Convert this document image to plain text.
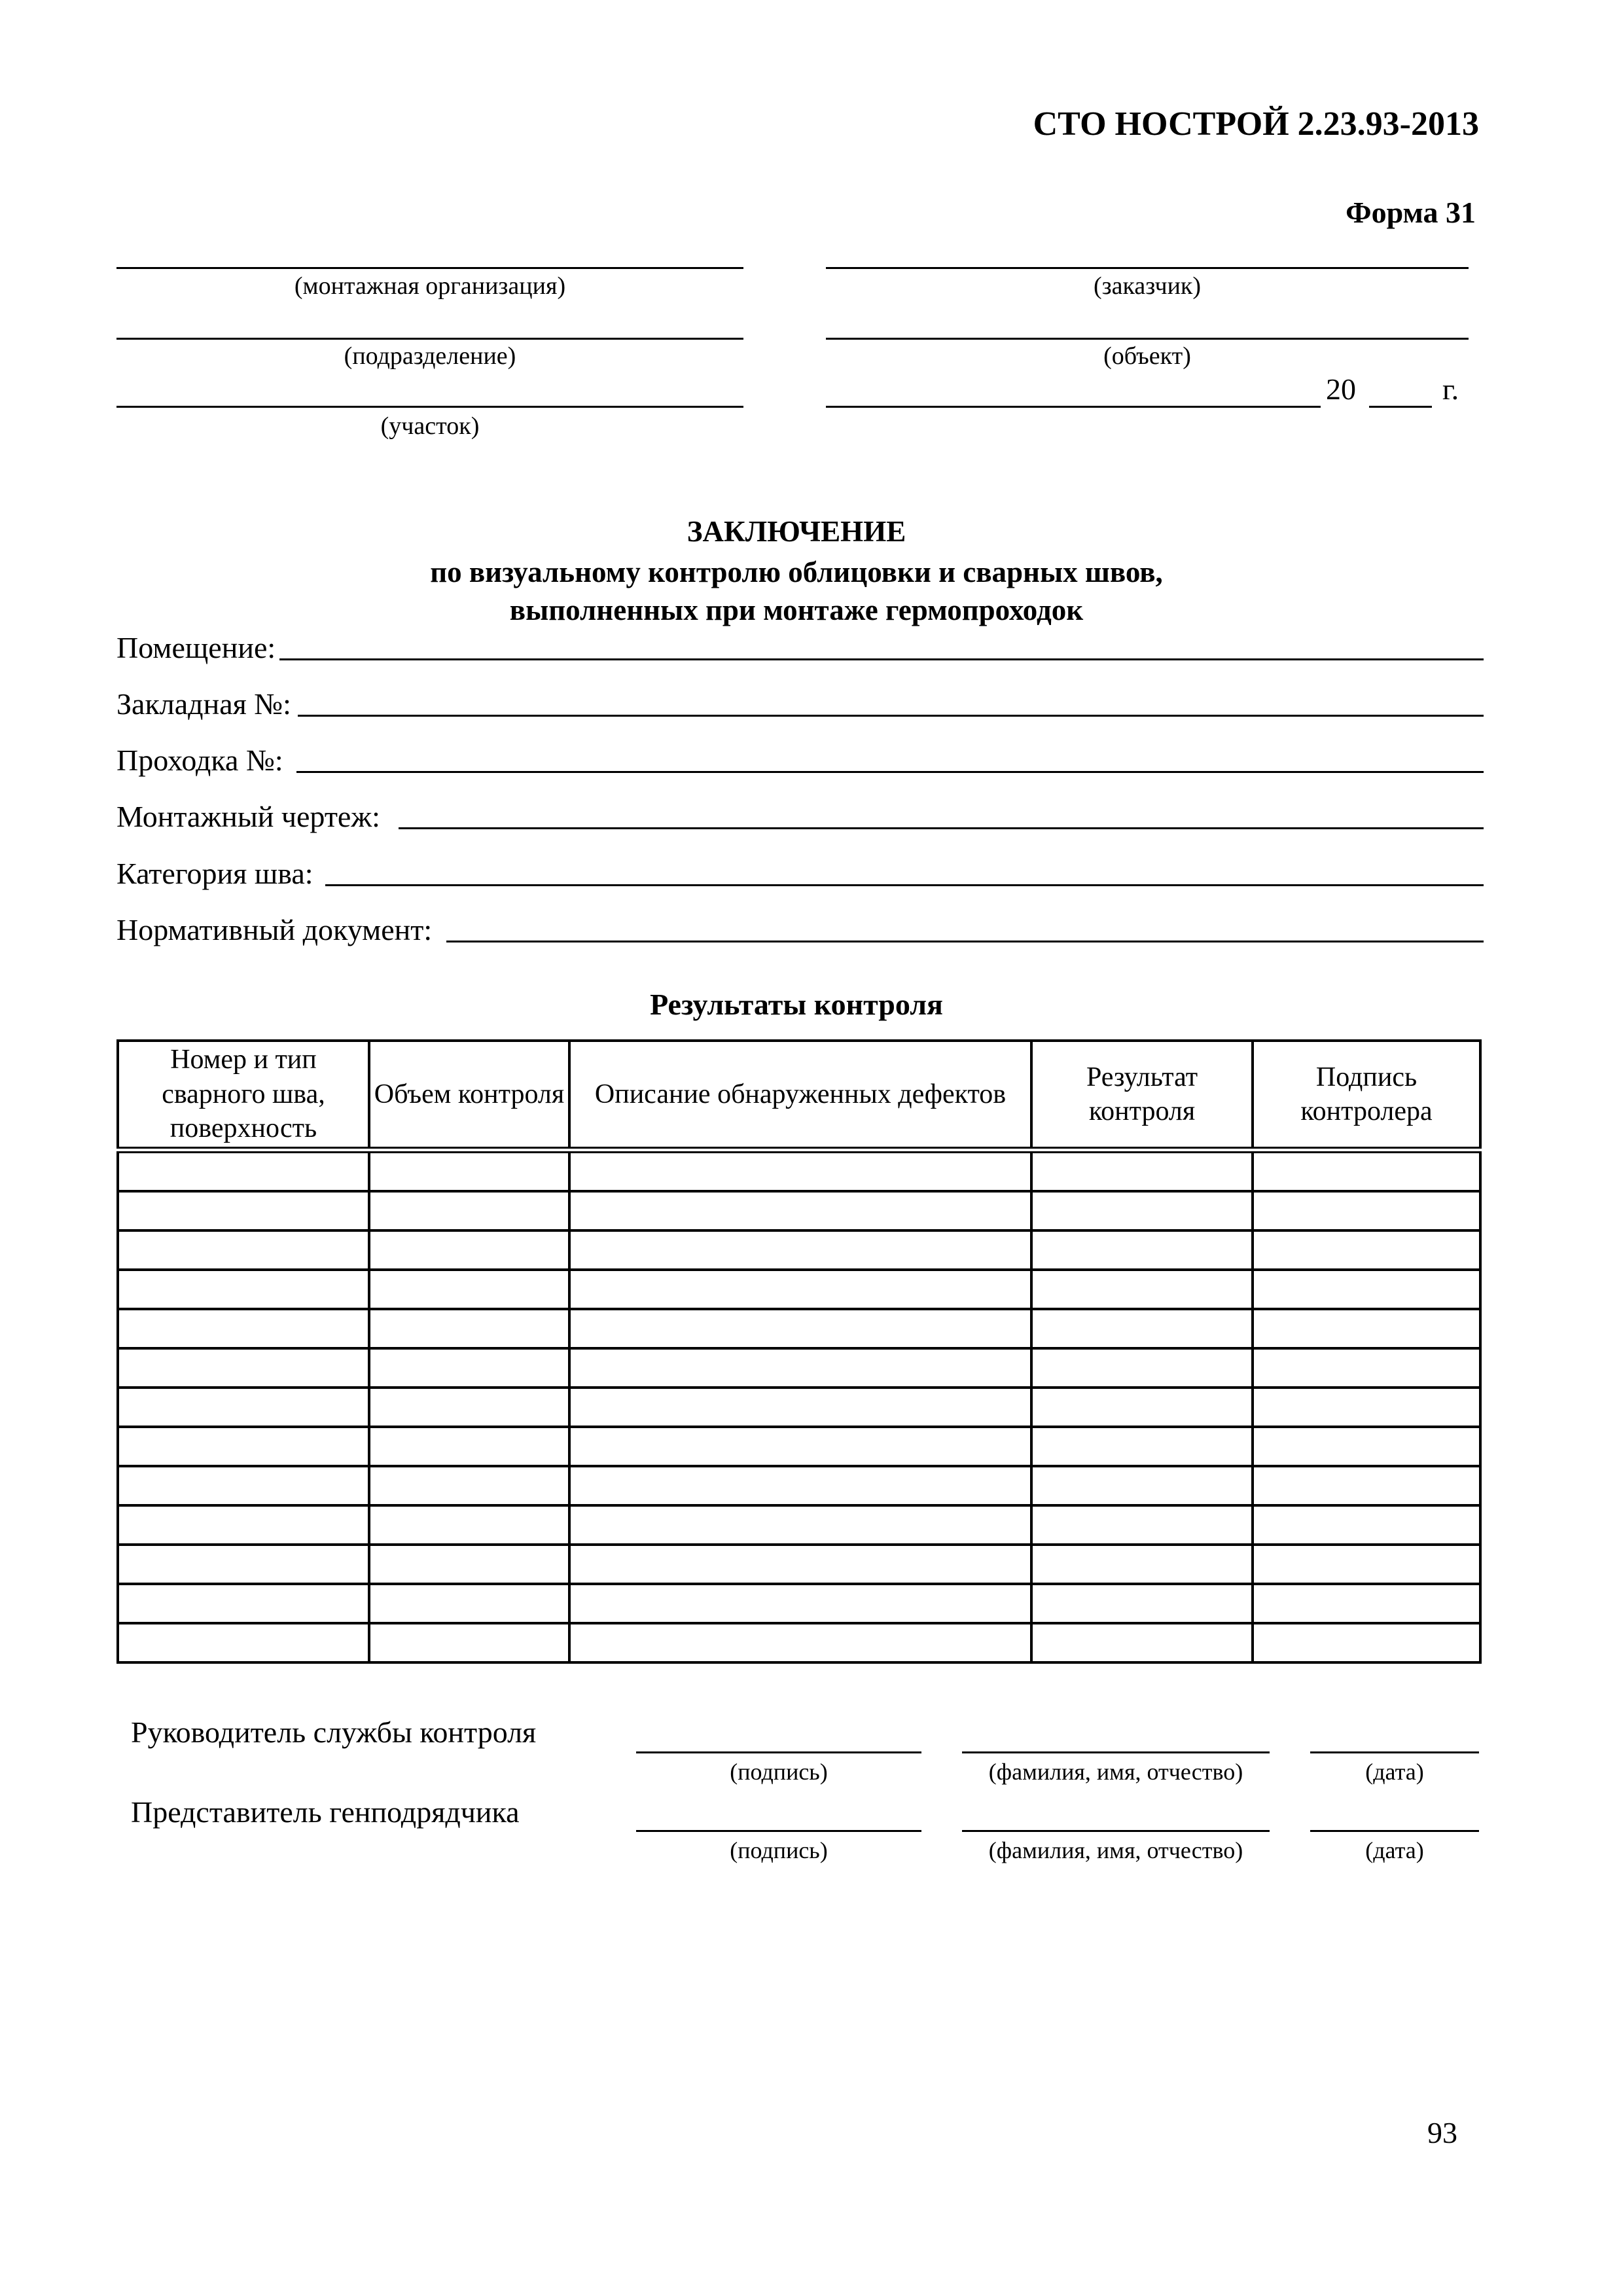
СТО НОСТРОЙ 2.23.93-2013
Форма 31
(монтажная организация)
(подразделение)
(участок)
(заказчик)
(объект)
20	г.
ЗАКЛЮЧЕНИЕ
по визуальному контролю облицовки и сварных швов,
выполненных при монтаже гермопроходок
Помещение:
Закладная №:
Проходка №:
Монтажный чертеж:
Категория шва:
Нормативный документ:
Результаты контроля
Номер и тип сварного шва, поверхность	Объем контроля	Описание обнаруженных дефектов	Результат контроля	Подпись контролера

Руководитель службы контроля
(подпись)	(фамилия, имя, отчество)	(дата)
Представитель генподрядчика
(подпись)	(фамилия, имя, отчество)	(дата)
93
